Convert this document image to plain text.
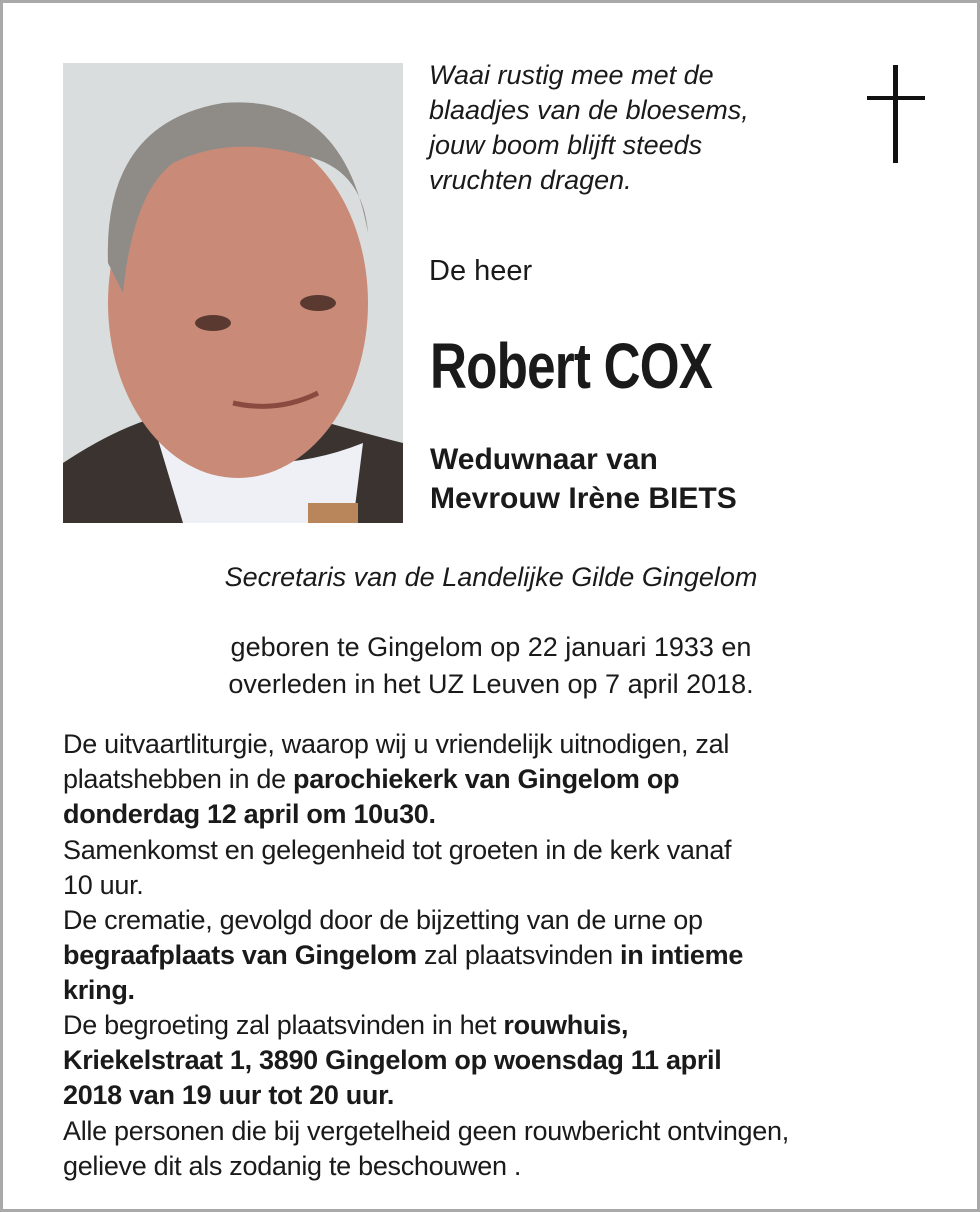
Waai rustig mee met de
blaadjes van de bloesems,
jouw boom blijft steeds
vruchten dragen.
De heer
Robert COX
Weduwnaar van
Mevrouw Irène BIETS
Secretaris van de Landelijke Gilde Gingelom
geboren te Gingelom op 22 januari 1933 en
overleden in het UZ Leuven op 7 april 2018.
De uitvaartliturgie, waarop wij u vriendelijk uitnodigen, zal
plaatshebben in de parochiekerk van Gingelom op
donderdag 12 april om 10u30.
Samenkomst en gelegenheid tot groeten in de kerk vanaf
10 uur.
De crematie, gevolgd door de bijzetting van de urne op
begraafplaats van Gingelom zal plaatsvinden in intieme
kring.
De begroeting zal plaatsvinden in het rouwhuis,
Kriekelstraat 1, 3890 Gingelom op woensdag 11 april
2018 van 19 uur tot 20 uur.
Alle personen die bij vergetelheid geen rouwbericht ontvingen,
gelieve dit als zodanig te beschouwen .
